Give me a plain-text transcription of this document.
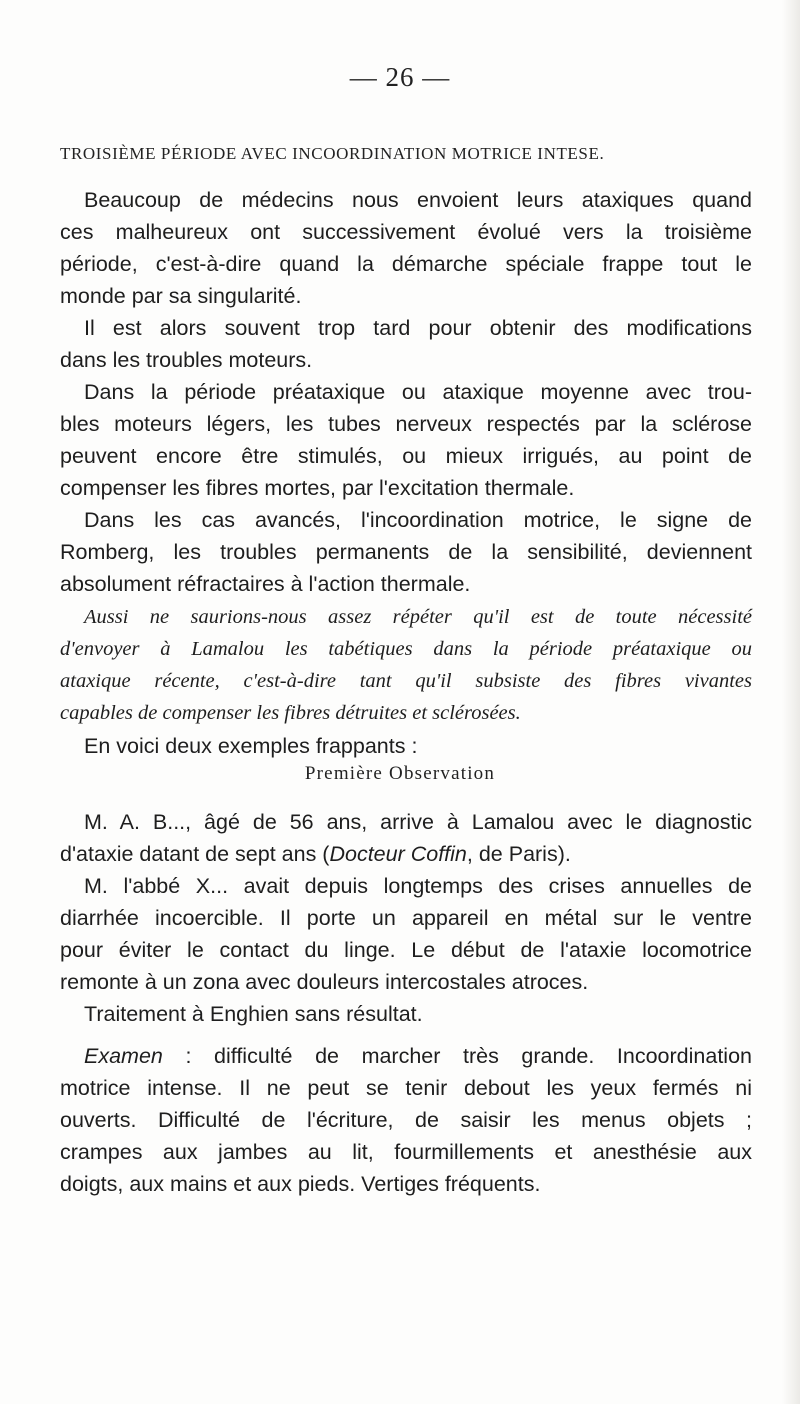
— 26 —
TROISIÈME PÉRIODE AVEC INCOORDINATION MOTRICE INTESE.
Beaucoup de médecins nous envoient leurs ataxiques quand
ces malheureux ont successivement évolué vers la troisième
période, c'est-à-dire quand la démarche spéciale frappe tout le
monde par sa singularité.
Il est alors souvent trop tard pour obtenir des modifications
dans les troubles moteurs.
Dans la période préataxique ou ataxique moyenne avec trou-
bles moteurs légers, les tubes nerveux respectés par la sclérose
peuvent encore être stimulés, ou mieux irrigués, au point de
compenser les fibres mortes, par l'excitation thermale.
Dans les cas avancés, l'incoordination motrice, le signe de
Romberg, les troubles permanents de la sensibilité, deviennent
absolument réfractaires à l'action thermale.
Aussi ne saurions-nous assez répéter qu'il est de toute nécessité
d'envoyer à Lamalou les tabétiques dans la période préataxique ou
ataxique récente, c'est-à-dire tant qu'il subsiste des fibres vivantes
capables de compenser les fibres détruites et sclérosées.
En voici deux exemples frappants :
Première Observation
M. A. B..., âgé de 56 ans, arrive à Lamalou avec le diagnostic
d'ataxie datant de sept ans (Docteur Coffin, de Paris).
M. l'abbé X... avait depuis longtemps des crises annuelles de
diarrhée incoercible. Il porte un appareil en métal sur le ventre
pour éviter le contact du linge. Le début de l'ataxie locomotrice
remonte à un zona avec douleurs intercostales atroces.
Traitement à Enghien sans résultat.
Examen : difficulté de marcher très grande. Incoordination
motrice intense. Il ne peut se tenir debout les yeux fermés ni
ouverts. Difficulté de l'écriture, de saisir les menus objets ;
crampes aux jambes au lit, fourmillements et anesthésie aux
doigts, aux mains et aux pieds. Vertiges fréquents.
